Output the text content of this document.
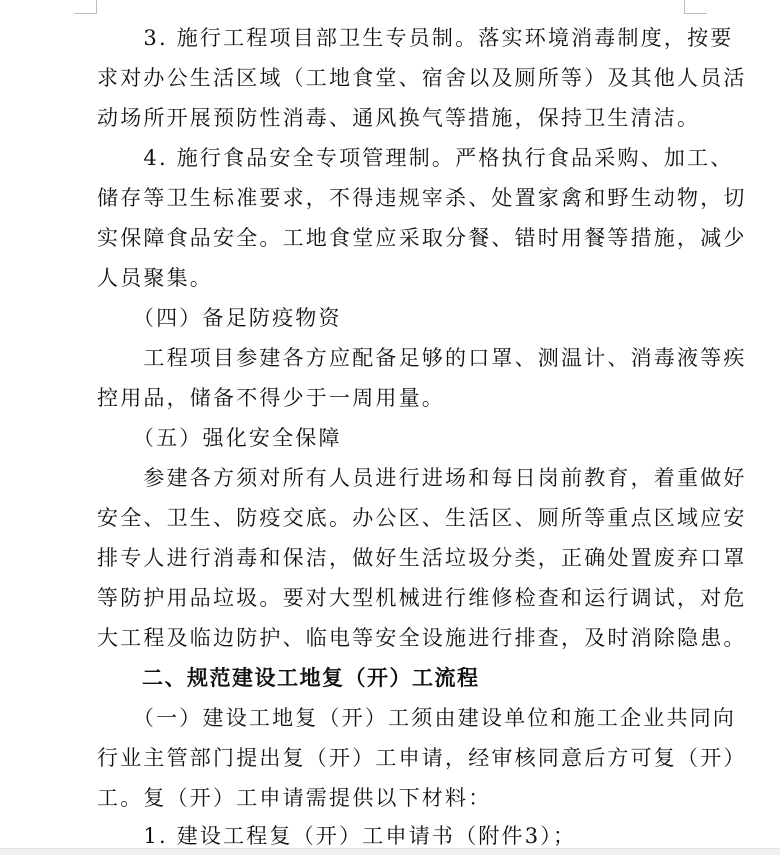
　　3. 施行工程项目部卫生专员制。落实环境消毒制度，按要
求对办公生活区域（工地食堂、宿舍以及厕所等）及其他人员活
动场所开展预防性消毒、通风换气等措施，保持卫生清洁。
　　4. 施行食品安全专项管理制。严格执行食品采购、加工、
储存等卫生标准要求，不得违规宰杀、处置家禽和野生动物，切
实保障食品安全。工地食堂应采取分餐、错时用餐等措施，减少
人员聚集。
　　（四）备足防疫物资
　　工程项目参建各方应配备足够的口罩、测温计、消毒液等疾
控用品，储备不得少于一周用量。
　　（五）强化安全保障
　　参建各方须对所有人员进行进场和每日岗前教育，着重做好
安全、卫生、防疫交底。办公区、生活区、厕所等重点区域应安
排专人进行消毒和保洁，做好生活垃圾分类，正确处置废弃口罩
等防护用品垃圾。要对大型机械进行维修检查和运行调试，对危
大工程及临边防护、临电等安全设施进行排查，及时消除隐患。
　　二、规范建设工地复（开）工流程
　　（一）建设工地复（开）工须由建设单位和施工企业共同向
行业主管部门提出复（开）工申请，经审核同意后方可复（开）
工。复（开）工申请需提供以下材料：
　　1. 建设工程复（开）工申请书（附件3）；
